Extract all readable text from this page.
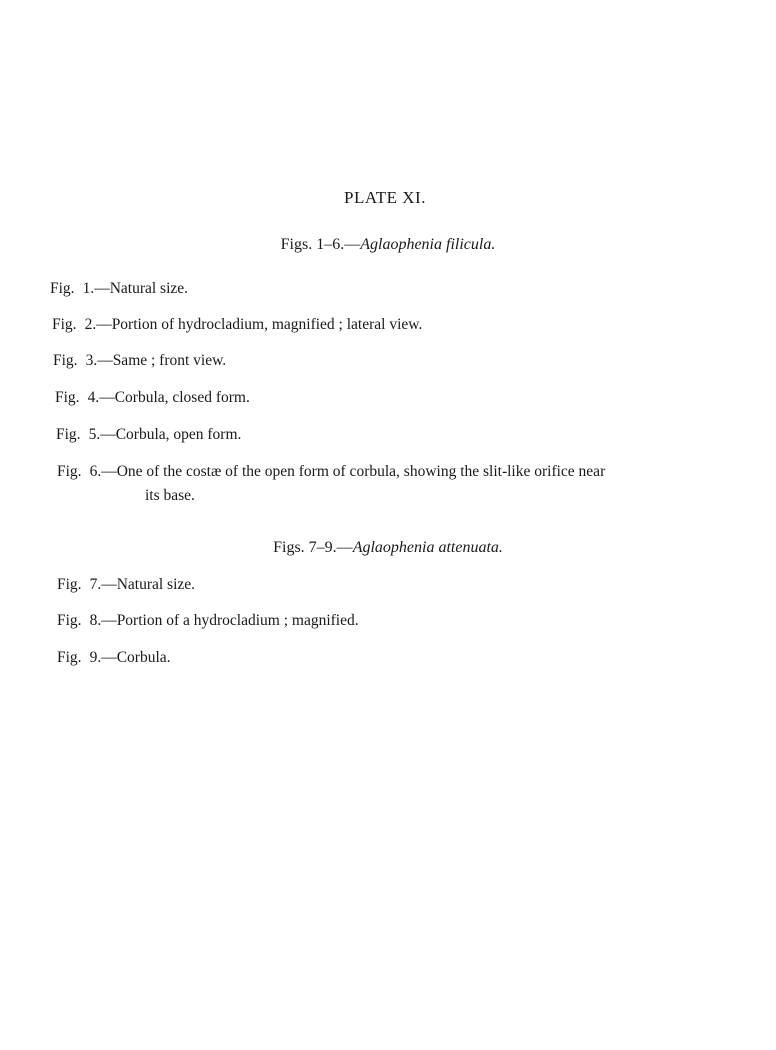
PLATE XI.
Figs. 1–6.—Aglaophenia filicula.
Fig. 1.—Natural size.
Fig. 2.—Portion of hydrocladium, magnified ; lateral view.
Fig. 3.—Same ; front view.
Fig. 4.—Corbula, closed form.
Fig. 5.—Corbula, open form.
Fig. 6.—One of the costæ of the open form of corbula, showing the slit-like orifice near
its base.
Figs. 7–9.—Aglaophenia attenuata.
Fig. 7.—Natural size.
Fig. 8.—Portion of a hydrocladium ; magnified.
Fig. 9.—Corbula.
